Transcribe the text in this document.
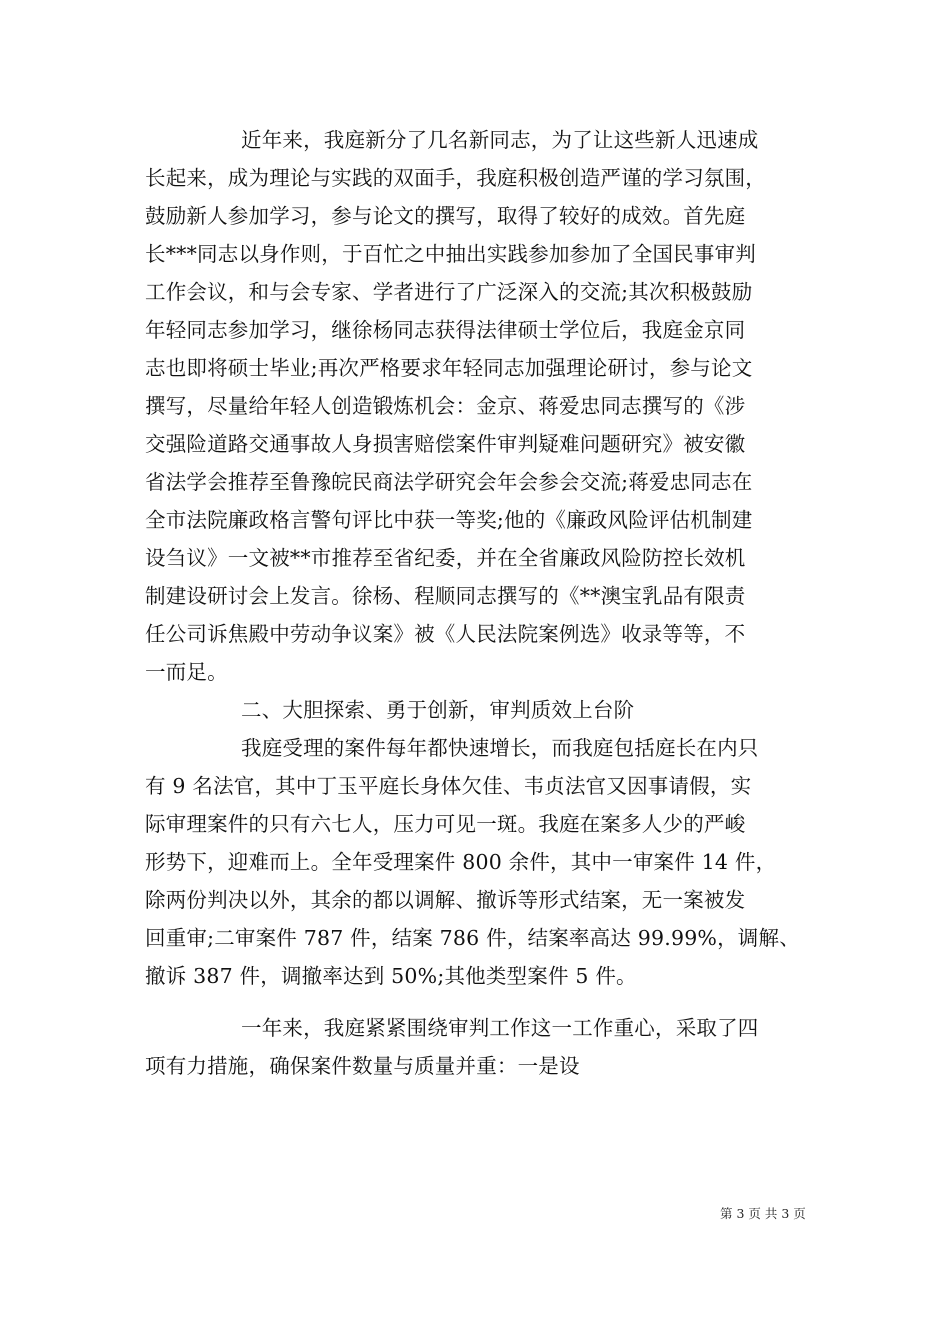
近年来，我庭新分了几名新同志，为了让这些新人迅速成
长起来，成为理论与实践的双面手，我庭积极创造严谨的学习氛围，
鼓励新人参加学习，参与论文的撰写，取得了较好的成效。首先庭
长***同志以身作则，于百忙之中抽出实践参加参加了全国民事审判
工作会议，和与会专家、学者进行了广泛深入的交流;其次积极鼓励
年轻同志参加学习，继徐杨同志获得法律硕士学位后，我庭金京同
志也即将硕士毕业;再次严格要求年轻同志加强理论研讨，参与论文
撰写，尽量给年轻人创造锻炼机会：金京、蒋爱忠同志撰写的《涉
交强险道路交通事故人身损害赔偿案件审判疑难问题研究》被安徽
省法学会推荐至鲁豫皖民商法学研究会年会参会交流;蒋爱忠同志在
全市法院廉政格言警句评比中获一等奖;他的《廉政风险评估机制建
设刍议》一文被**市推荐至省纪委，并在全省廉政风险防控长效机
制建设研讨会上发言。徐杨、程顺同志撰写的《**澳宝乳品有限责
任公司诉焦殿中劳动争议案》被《人民法院案例选》收录等等，不
一而足。
二、大胆探索、勇于创新，审判质效上台阶
我庭受理的案件每年都快速增长，而我庭包括庭长在内只
有 9 名法官，其中丁玉平庭长身体欠佳、韦贞法官又因事请假，实
际审理案件的只有六七人，压力可见一斑。我庭在案多人少的严峻
形势下，迎难而上。全年受理案件 800 余件，其中一审案件 14 件，
除两份判决以外，其余的都以调解、撤诉等形式结案，无一案被发
回重审;二审案件 787 件，结案 786 件，结案率高达 99.99%，调解、
撤诉 387 件，调撤率达到 50%;其他类型案件 5 件。
一年来，我庭紧紧围绕审判工作这一工作重心，采取了四
项有力措施，确保案件数量与质量并重：一是设
第 3 页 共 3 页
